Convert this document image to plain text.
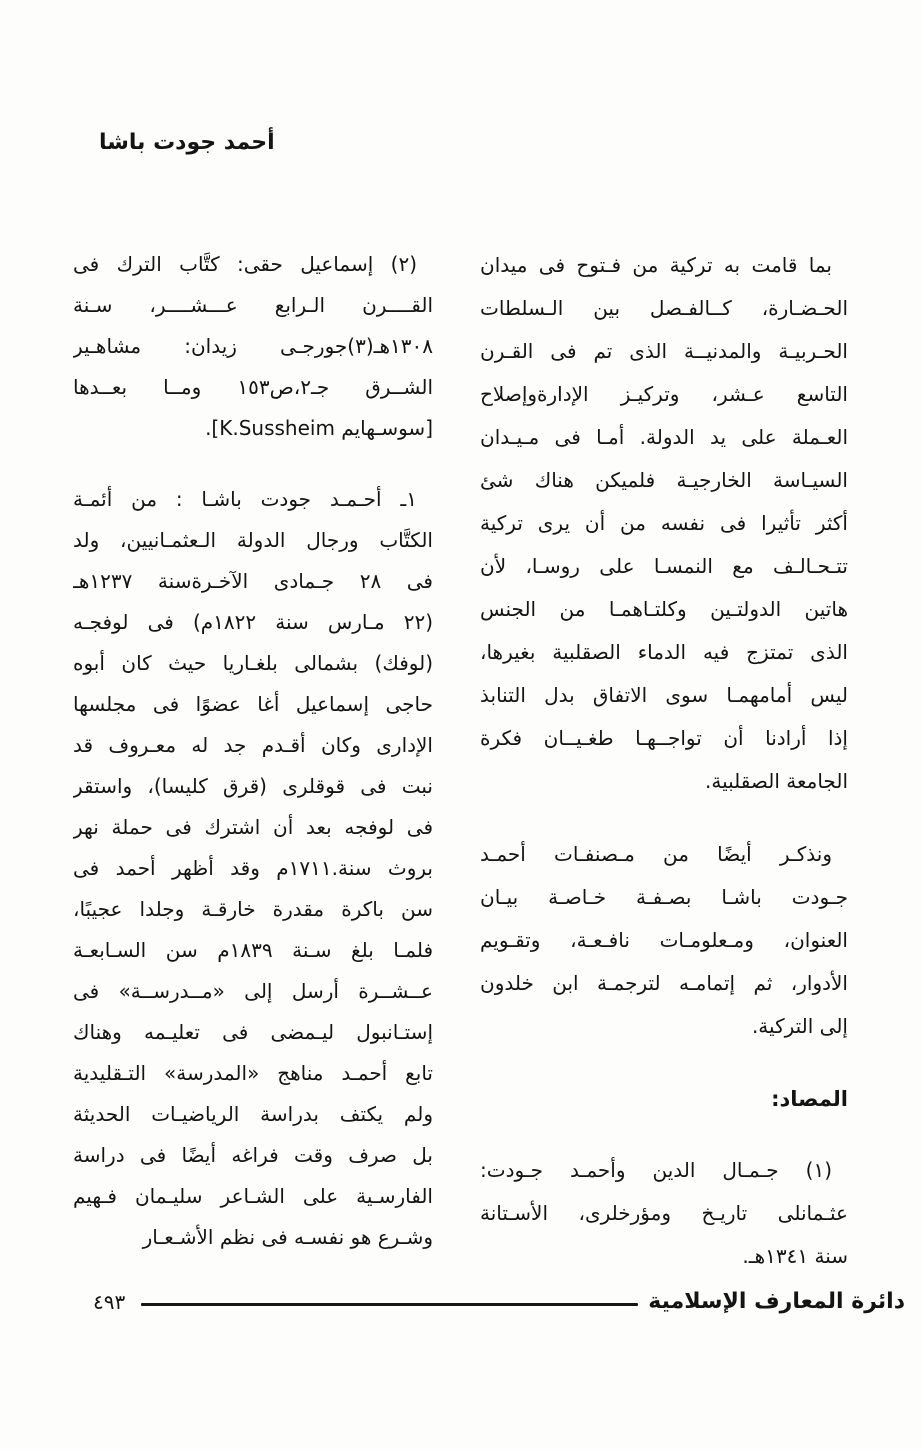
أحمد جودت باشا
بما قامت به تركية من فـتوح فى ميدان
الحـضـارة، كــالفـصل بين الـسلطات
الحـربيـة والمدنيــة الذى تم فى القـرن
التاسع عـشر، وتركيـز الإدارةوإصلاح
العـملة على يد الدولة. أمـا فى مـيـدان
السيـاسة الخارجيـة فلميكن هناك شئ
أكثر تأثيرا فى نفسه من أن يرى تركية
تتـحـالـف مع النمسـا على روسـا، لأن
هاتين الدولتـين وكلتـاهمـا من الجنس
الذى تمتزج فيه الدماء الصقلبية بغيرها،
ليس أمامهمـا سوى الاتفاق بدل التنابذ
إذا أرادنا أن تواجــهـا طغـيــان فكرة
الجامعة الصقلبية.
ونذكـر أيضًا من مـصنفـات أحمـد
جـودت باشـا بصـفـة خـاصـة بيـان
العنوان، ومـعلومـات نافـعـة، وتقـويم
الأدوار، ثم إتمامـه لترجمـة ابن خلدون
إلى التركية.
المصاد:
(١) جـمـال الدين وأحمـد جـودت:
عثـمانلى تاريـخ ومؤرخلرى، الأسـتانة
سنة ١٣٤١هـ.
(٢) إسماعيل حقى: كتَّاب الترك فى
القــــرن الـرابع عـــشــــر، سـنة
١٣٠٨هـ(٣)جورجـى زيدان: مشاهـير
الشــرق جـ٢،ص١٥٣ ومــا بعــدها
[سوسـهايم K.Sussheim].
١ـ أحـمـد جودت باشـا : من أئمـة
الكتَّاب ورجال الدولة الـعثمـانيين، ولد
فى ٢٨ جـمادى الآخـرةسنة ١٢٣٧هـ
(٢٢ مـارس سنة ١٨٢٢م) فى لوفجـه
(لوفك) بشمالى بلغـاريا حيث كان أبوه
حاجى إسماعيل أغا عضوًا فى مجلسها
الإدارى وكان أقـدم جد له معـروف قد
نبت فى قوقلرى (قرق كليسا)، واستقر
فى لوفجه بعد أن اشترك فى حملة نهر
بروث سنة.١٧١١م وقد أظهر أحمد فى
سن باكرة مقدرة خارقـة وجلدا عجيبًا،
فلمـا بلغ سـنة ١٨٣٩م سن السـابعـة
عــشــرة أرسل إلى «مــدرســة» فى
إستـانبول ليـمضى فى تعليـمه وهناك
تابع أحمـد مناهج «المدرسة» التـقليدية
ولم يكتف بدراسة الرياضيـات الحديثة
بل صرف وقت فراغه أيضًا فى دراسة
الفارسـية على الشـاعر سليـمان فـهيم
وشـرع هو نفسـه فى نظم الأشـعـار
٤٩٣	دائرة المعارف الإسلامية
